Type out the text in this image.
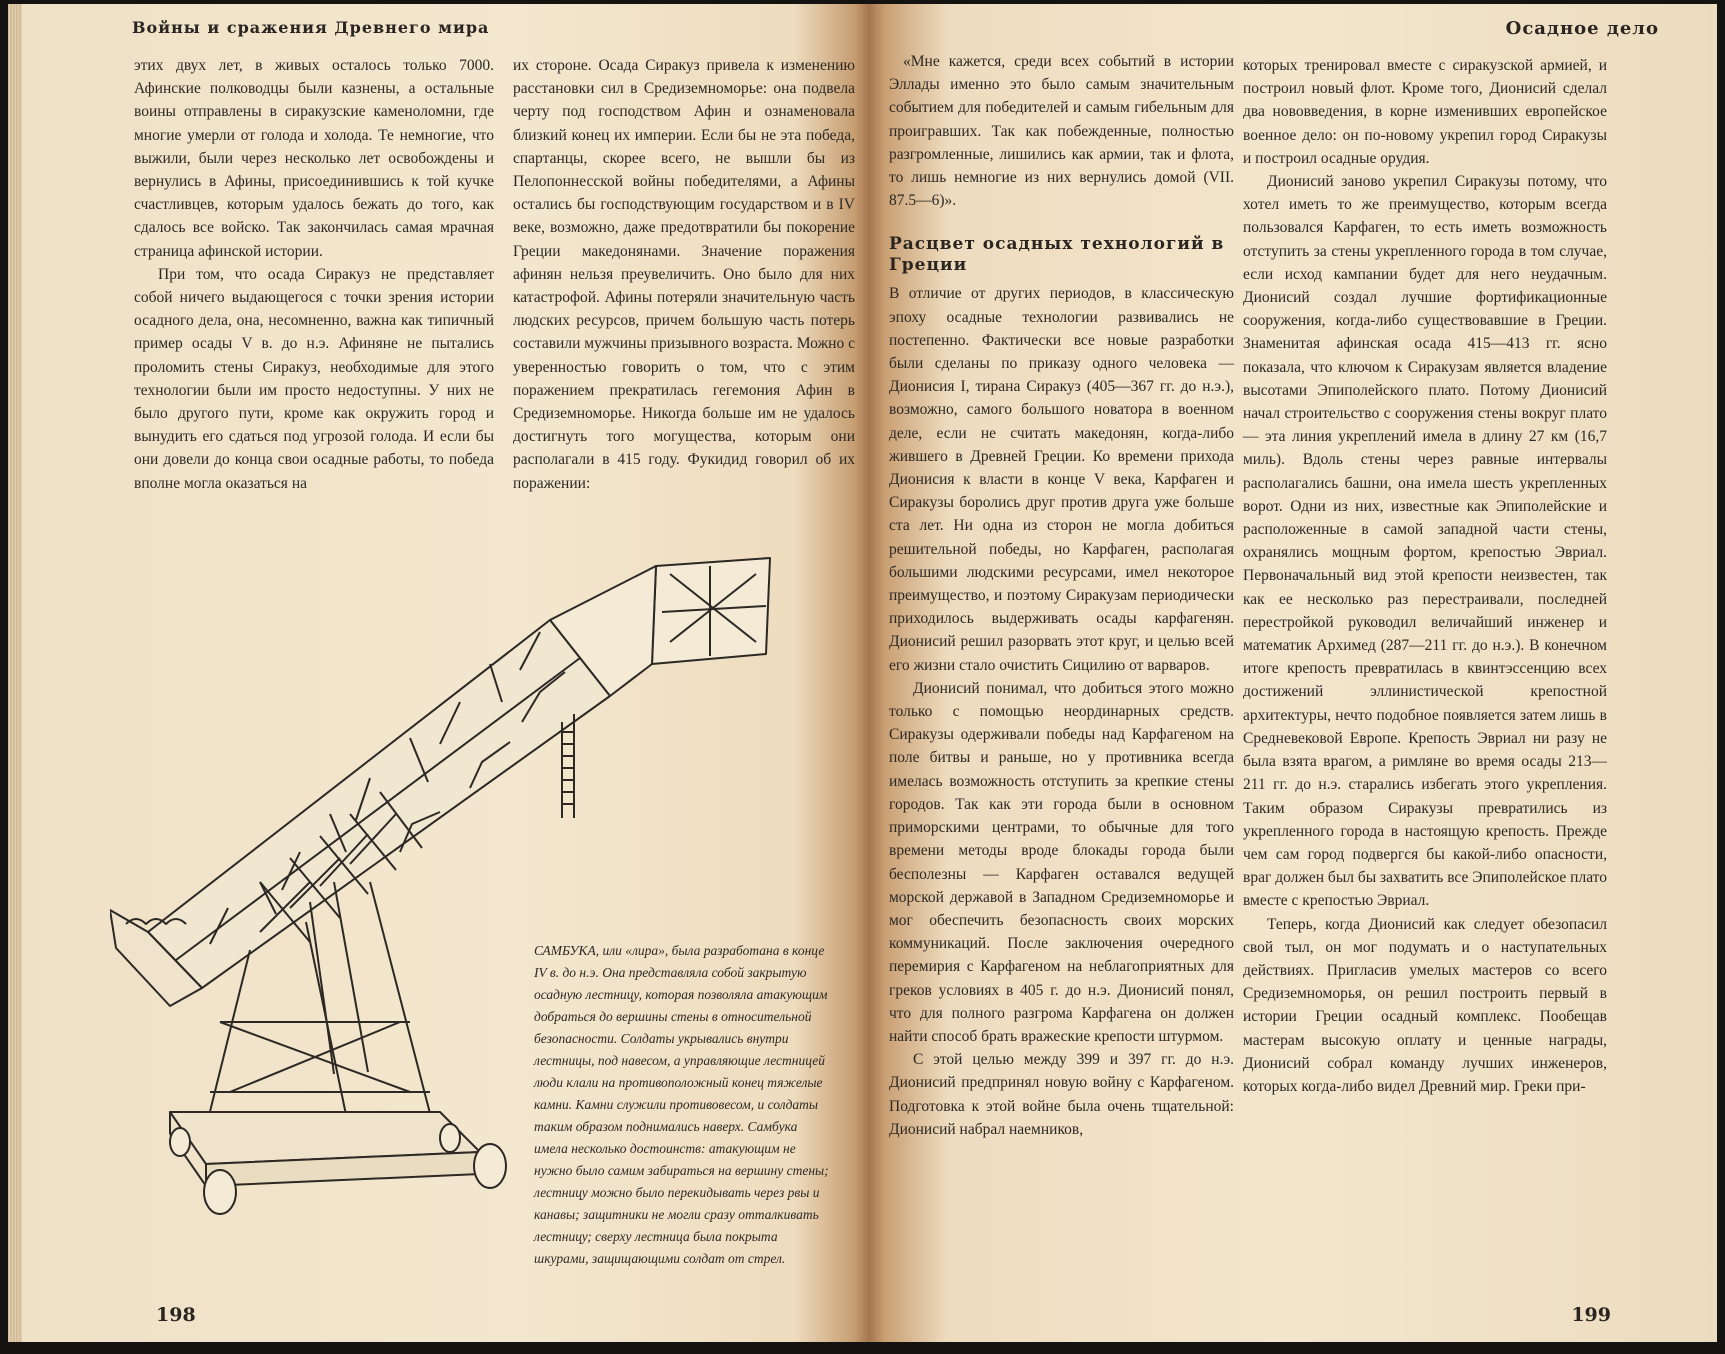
Войны и сражения Древнего мира

этих двух лет, в живых осталось только 7000. Афинские полководцы были казнены, а остальные воины отправлены в сиракузские каменоломни, где многие умерли от голода и холода. Те немногие, что выжили, были через несколько лет освобождены и вернулись в Афины, присоединившись к той кучке счастливцев, которым удалось бежать до того, как сдалось все войско. Так закончилась самая мрачная страница афинской истории.

При том, что осада Сиракуз не представляет собой ничего выдающегося с точки зрения истории осадного дела, она, несомненно, важна как типичный пример осады V в. до н.э. Афиняне не пытались проломить стены Сиракуз, необходимые для этого технологии были им просто недоступны. У них не было другого пути, кроме как окружить город и вынудить его сдаться под угрозой голода. И если бы они довели до конца свои осадные работы, то победа вполне могла оказаться на

их стороне. Осада Сиракуз привела к изменению расстановки сил в Средиземноморье: она подвела черту под господством Афин и ознаменовала близкий конец их империи. Если бы не эта победа, спартанцы, скорее всего, не вышли бы из Пелопоннесской войны победителями, а Афины остались бы господствующим государством и в IV веке, возможно, даже предотвратили бы покорение Греции македонянами. Значение поражения афинян нельзя преувеличить. Оно было для них катастрофой. Афины потеряли значительную часть людских ресурсов, причем большую часть потерь составили мужчины призывного возраста. Можно с уверенностью говорить о том, что с этим поражением прекратилась гегемония Афин в Средиземноморье. Никогда больше им не удалось достигнуть того могущества, которым они располагали в 415 году. Фукидид говорил об их поражении:

САМБУКА, или «лира», была разработана в конце IV в. до н.э. Она представляла собой закрытую осадную лестницу, которая позволяла атакующим добраться до вершины стены в относительной безопасности. Солдаты укрывались внутри лестницы, под навесом, а управляющие лестницей люди клали на противоположный конец тяжелые камни. Камни служили противовесом, и солдаты таким образом поднимались наверх. Самбука имела несколько достоинств: атакующим не нужно было самим забираться на вершину стены; лестницу можно было перекидывать через рвы и канавы; защитники не могли сразу отталкивать лестницу; сверху лестница была покрыта шкурами, защищающими солдат от стрел.

198

Осадное дело

«Мне кажется, среди всех событий в истории Эллады именно это было самым значительным событием для победителей и самым гибельным для проигравших. Так как побежденные, полностью разгромленные, лишились как армии, так и флота, то лишь немногие из них вернулись домой (VII. 87.5—6)».

Расцвет осадных технологий в Греции

В отличие от других периодов, в классическую эпоху осадные технологии развивались не постепенно. Фактически все новые разработки были сделаны по приказу одного человека — Дионисия I, тирана Сиракуз (405—367 гг. до н.э.), возможно, самого большого новатора в военном деле, если не считать македонян, когда-либо жившего в Древней Греции. Ко времени прихода Дионисия к власти в конце V века, Карфаген и Сиракузы боролись друг против друга уже больше ста лет. Ни одна из сторон не могла добиться решительной победы, но Карфаген, располагая большими людскими ресурсами, имел некоторое преимущество, и поэтому Сиракузам периодически приходилось выдерживать осады карфагенян. Дионисий решил разорвать этот круг, и целью всей его жизни стало очистить Сицилию от варваров.

Дионисий понимал, что добиться этого можно только с помощью неординарных средств. Сиракузы одерживали победы над Карфагеном на поле битвы и раньше, но у противника всегда имелась возможность отступить за крепкие стены городов. Так как эти города были в основном приморскими центрами, то обычные для того времени методы вроде блокады города были бесполезны — Карфаген оставался ведущей морской державой в Западном Средиземноморье и мог обеспечить безопасность своих морских коммуникаций. После заключения очередного перемирия с Карфагеном на неблагоприятных для греков условиях в 405 г. до н.э. Дионисий понял, что для полного разгрома Карфагена он должен найти способ брать вражеские крепости штурмом.

С этой целью между 399 и 397 гг. до н.э. Дионисий предпринял новую войну с Карфагеном. Подготовка к этой войне была очень тщательной: Дионисий набрал наемников,

которых тренировал вместе с сиракузской армией, и построил новый флот. Кроме того, Дионисий сделал два нововведения, в корне изменивших европейское военное дело: он по-новому укрепил город Сиракузы и построил осадные орудия.

Дионисий заново укрепил Сиракузы потому, что хотел иметь то же преимущество, которым всегда пользовался Карфаген, то есть иметь возможность отступить за стены укрепленного города в том случае, если исход кампании будет для него неудачным. Дионисий создал лучшие фортификационные сооружения, когда-либо существовавшие в Греции. Знаменитая афинская осада 415—413 гг. ясно показала, что ключом к Сиракузам является владение высотами Эпиполейского плато. Потому Дионисий начал строительство с сооружения стены вокруг плато — эта линия укреплений имела в длину 27 км (16,7 миль). Вдоль стены через равные интервалы располагались башни, она имела шесть укрепленных ворот. Одни из них, известные как Эпиполейские и расположенные в самой западной части стены, охранялись мощным фортом, крепостью Эвриал. Первоначальный вид этой крепости неизвестен, так как ее несколько раз перестраивали, последней перестройкой руководил величайший инженер и математик Архимед (287—211 гг. до н.э.). В конечном итоге крепость превратилась в квинтэссенцию всех достижений эллинистической крепостной архитектуры, нечто подобное появляется затем лишь в Средневековой Европе. Крепость Эвриал ни разу не была взята врагом, а римляне во время осады 213—211 гг. до н.э. старались избегать этого укрепления. Таким образом Сиракузы превратились из укрепленного города в настоящую крепость. Прежде чем сам город подвергся бы какой-либо опасности, враг должен был бы захватить все Эпиполейское плато вместе с крепостью Эвриал.

Теперь, когда Дионисий как следует обезопасил свой тыл, он мог подумать и о наступательных действиях. Пригласив умелых мастеров со всего Средиземноморья, он решил построить первый в истории Греции осадный комплекс. Пообещав мастерам высокую оплату и ценные награды, Дионисий собрал команду лучших инженеров, которых когда-либо видел Древний мир. Греки при-

199
